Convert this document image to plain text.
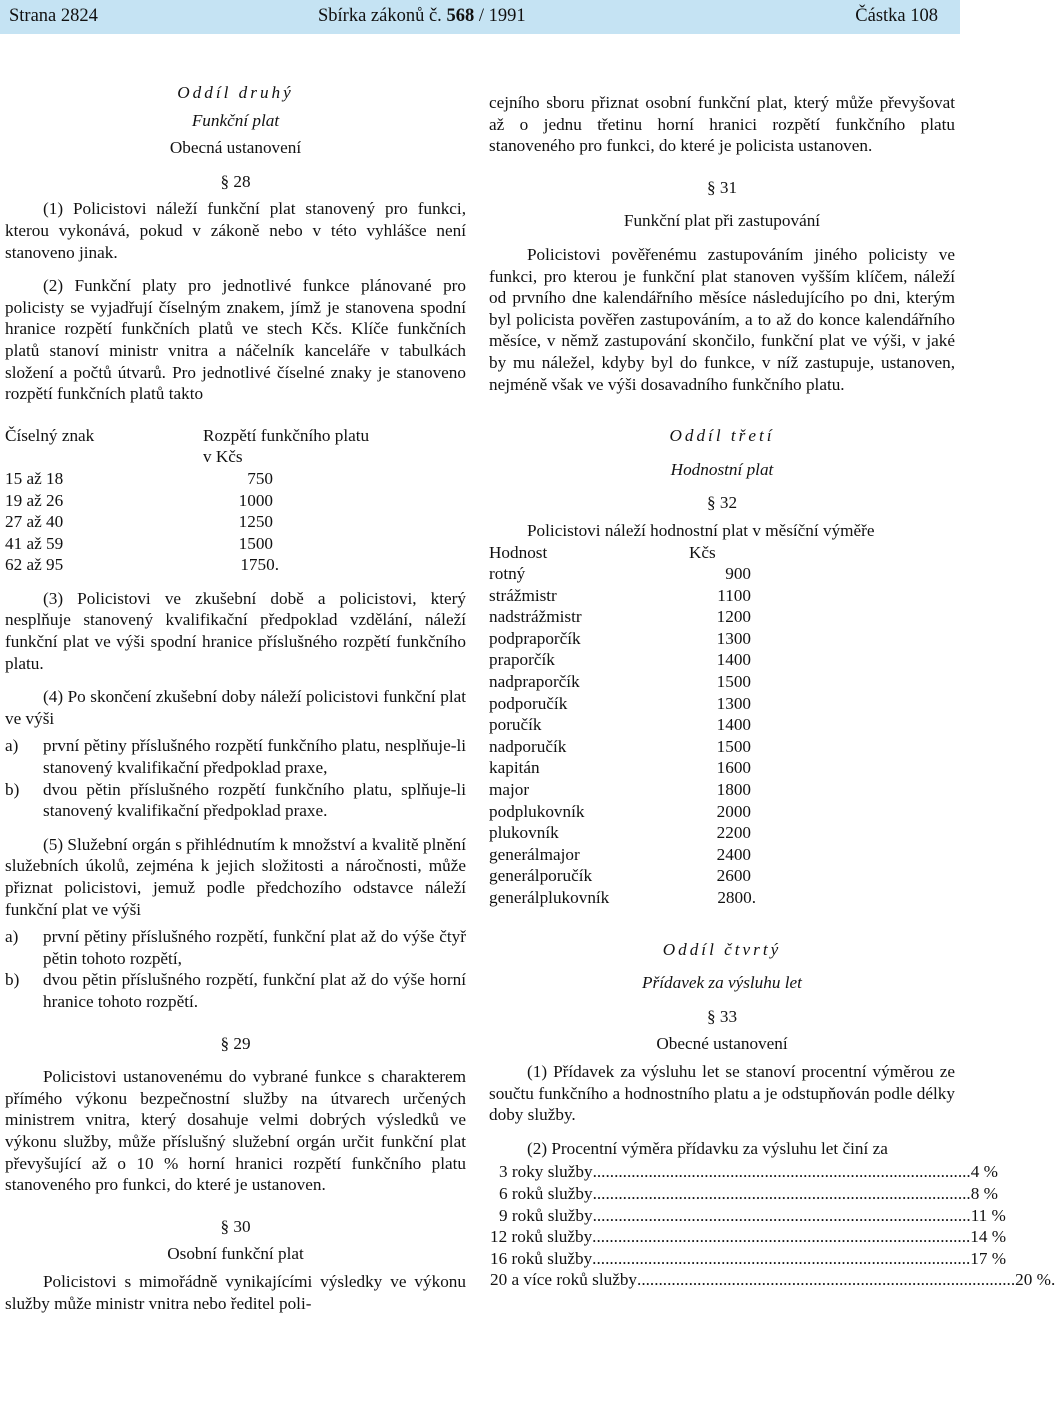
Strana 2824	Sbírka zákonů č. 568 / 1991	Částka 108

Oddíl druhý

Funkční plat

Obecná ustanovení

§ 28

(1) Policistovi náleží funkční plat stanovený pro funkci, kterou vykonává, pokud v zákoně nebo v této vyhlášce není stanoveno jinak.

(2) Funkční platy pro jednotlivé funkce plánované pro policisty se vyjadřují číselným znakem, jímž je stanovena spodní hranice rozpětí funkčních platů ve stech Kčs. Klíče funkčních platů stanoví ministr vnitra a náčelník kanceláře v tabulkách složení a počtů útvarů. Pro jednotlivé číselné znaky je stanoveno rozpětí funkčních platů takto

Číselný znak	Rozpětí funkčního platu
v Kčs
15 až 18	750
19 až 26	1000
27 až 40	1250
41 až 59	1500
62 až 95	1750.

(3) Policistovi ve zkušební době a policistovi, který nesplňuje stanovený kvalifikační předpoklad vzdělání, náleží funkční plat ve výši spodní hranice příslušného rozpětí funkčního platu.

(4) Po skončení zkušební doby náleží policistovi funkční plat ve výši

a)	první pětiny příslušného rozpětí funkčního platu, nesplňuje-li stanovený kvalifikační předpoklad praxe,
b)	dvou pětin příslušného rozpětí funkčního platu, splňuje-li stanovený kvalifikační předpoklad praxe.

(5) Služební orgán s přihlédnutím k množství a kvalitě plnění služebních úkolů, zejména k jejich složitosti a náročnosti, může přiznat policistovi, jemuž podle předchozího odstavce náleží funkční plat ve výši

a)	první pětiny příslušného rozpětí, funkční plat až do výše čtyř pětin tohoto rozpětí,
b)	dvou pětin příslušného rozpětí, funkční plat až do výše horní hranice tohoto rozpětí.

§ 29

Policistovi ustanovenému do vybrané funkce s charakterem přímého výkonu bezpečnostní služby na útvarech určených ministrem vnitra, který dosahuje velmi dobrých výsledků ve výkonu služby, může příslušný služební orgán určit funkční plat převyšující až o 10 % horní hranici rozpětí funkčního platu stanoveného pro funkci, do které je ustanoven.

§ 30

Osobní funkční plat

Policistovi s mimořádně vynikajícími výsledky ve výkonu služby může ministr vnitra nebo ředitel poli-

cejního sboru přiznat osobní funkční plat, který může převyšovat až o jednu třetinu horní hranici rozpětí funkčního platu stanoveného pro funkci, do které je policista ustanoven.

§ 31

Funkční plat při zastupování

Policistovi pověřenému zastupováním jiného policisty ve funkci, pro kterou je funkční plat stanoven vyšším klíčem, náleží od prvního dne kalendářního měsíce následujícího po dni, kterým byl policista pověřen zastupováním, a to až do konce kalendářního měsíce, v němž zastupování skončilo, funkční plat ve výši, v jaké by mu náležel, kdyby byl do funkce, v níž zastupuje, ustanoven, nejméně však ve výši dosavadního funkčního platu.

Oddíl třetí

Hodnostní plat

§ 32

Policistovi náleží hodnostní plat v měsíční výměře

Hodnost	Kčs
rotný	900
strážmistr	1100
nadstrážmistr	1200
podpraporčík	1300
praporčík	1400
nadpraporčík	1500
podporučík	1300
poručík	1400
nadporučík	1500
kapitán	1600
major	1800
podplukovník	2000
plukovník	2200
generálmajor	2400
generálporučík	2600
generálplukovník	2800.

Oddíl čtvrtý

Přídavek za výsluhu let

§ 33

Obecné ustanovení

(1) Přídavek za výsluhu let se stanoví procentní výměrou ze součtu funkčního a hodnostního platu a je odstupňován podle délky doby služby.

(2) Procentní výměra přídavku za výsluhu let činí za

3 roky služby ........................................................................................ 4 %
6 roků služby ........................................................................................ 8 %
9 roků služby ........................................................................................ 11 %
12 roků služby ........................................................................................ 14 %
16 roků služby ........................................................................................ 17 %
20 a více roků služby ........................................................................................ 20 %.
